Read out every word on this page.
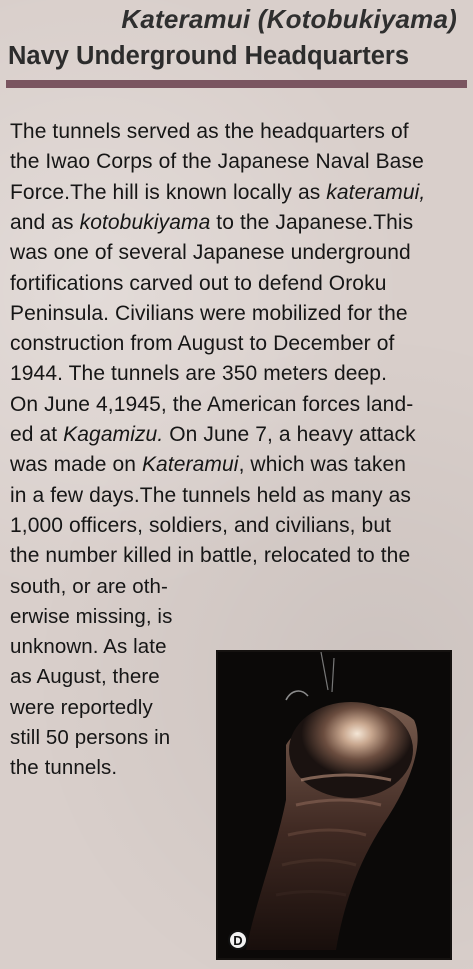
Kateramui (Kotobukiyama)
Navy Underground Headquarters
The tunnels served as the headquarters of
the Iwao Corps of the Japanese Naval Base
Force.The hill is known locally as kateramui,
and as kotobukiyama to the Japanese.This
was one of several Japanese underground
fortifications carved out to defend Oroku
Peninsula. Civilians were mobilized for the
construction from August to December of
1944. The tunnels are 350 meters deep.
On June 4,1945, the American forces land-
ed at Kagamizu. On June 7, a heavy attack
was made on Kateramui, which was taken
in a few days.The tunnels held as many as
1,000 officers, soldiers, and civilians, but
the number killed in battle, relocated to the
south, or are oth-
erwise missing, is
unknown. As late
as August, there
were reportedly
still 50 persons in
the tunnels.
D
